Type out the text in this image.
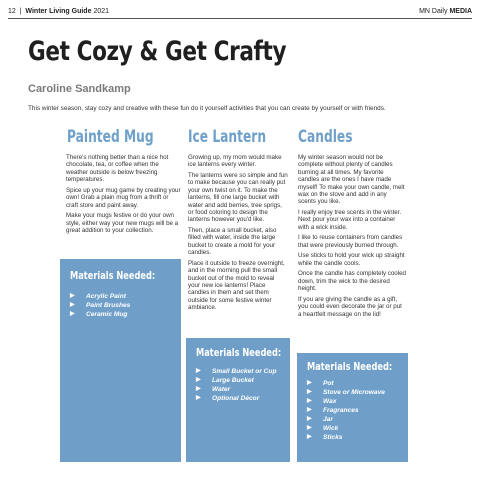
12  |  Winter Living Guide 2021	MN Daily MEDIA
Get Cozy & Get Crafty
Caroline Sandkamp
This winter season, stay cozy and creative with these fun do it yourself activities that you can create by yourself or with friends.
Painted Mug

There's nothing better than a nice hot chocolate, tea, or coffee when the weather outside is below freezing temperatures.

Spice up your mug game by creating your own! Grab a plain mug from a thrift or craft store and paint away.

Make your mugs festive or do your own style, either way your new mugs will be a great addition to your collection.

Materials Needed:
▶	Acrylic Paint
▶	Paint Brushes
▶	Ceramic Mug
Ice Lantern

Growing up, my mom would make ice lanterns every winter.

The lanterns were so simple and fun to make because you can really put your own twist on it. To make the lanterns, fill one large bucket with water and add berries, tree sprigs, or food coloring to design the lanterns however you'd like.

Then, place a small bucket, also filled with water, inside the large bucket to create a mold for your candles.

Place it outside to freeze overnight, and in the morning pull the small bucket out of the mold to reveal your new ice lanterns! Place candles in them and set them outside for some festive winter ambiance.

Materials Needed:
▶	Small Bucket or Cup
▶	Large Bucket
▶	Water
▶	Optional Décor
Candles

My winter season would not be complete without plenty of candles burning at all times. My favorite candles are the ones I have made myself! To make your own candle, melt wax on the stove and add in any scents you like.

I really enjoy tree scents in the winter. Next pour your wax into a container with a wick inside.

I like to reuse containers from candles that were previously burned through.

Use sticks to hold your wick up straight while the candle cools.

Once the candle has completely cooled down, trim the wick to the desired height.

If you are giving the candle as a gift, you could even decorate the jar or put a heartfelt message on the lid!

Materials Needed:
▶	Pot
▶	Stove or Microwave
▶	Wax
▶	Fragrances
▶	Jar
▶	Wick
▶	Sticks
